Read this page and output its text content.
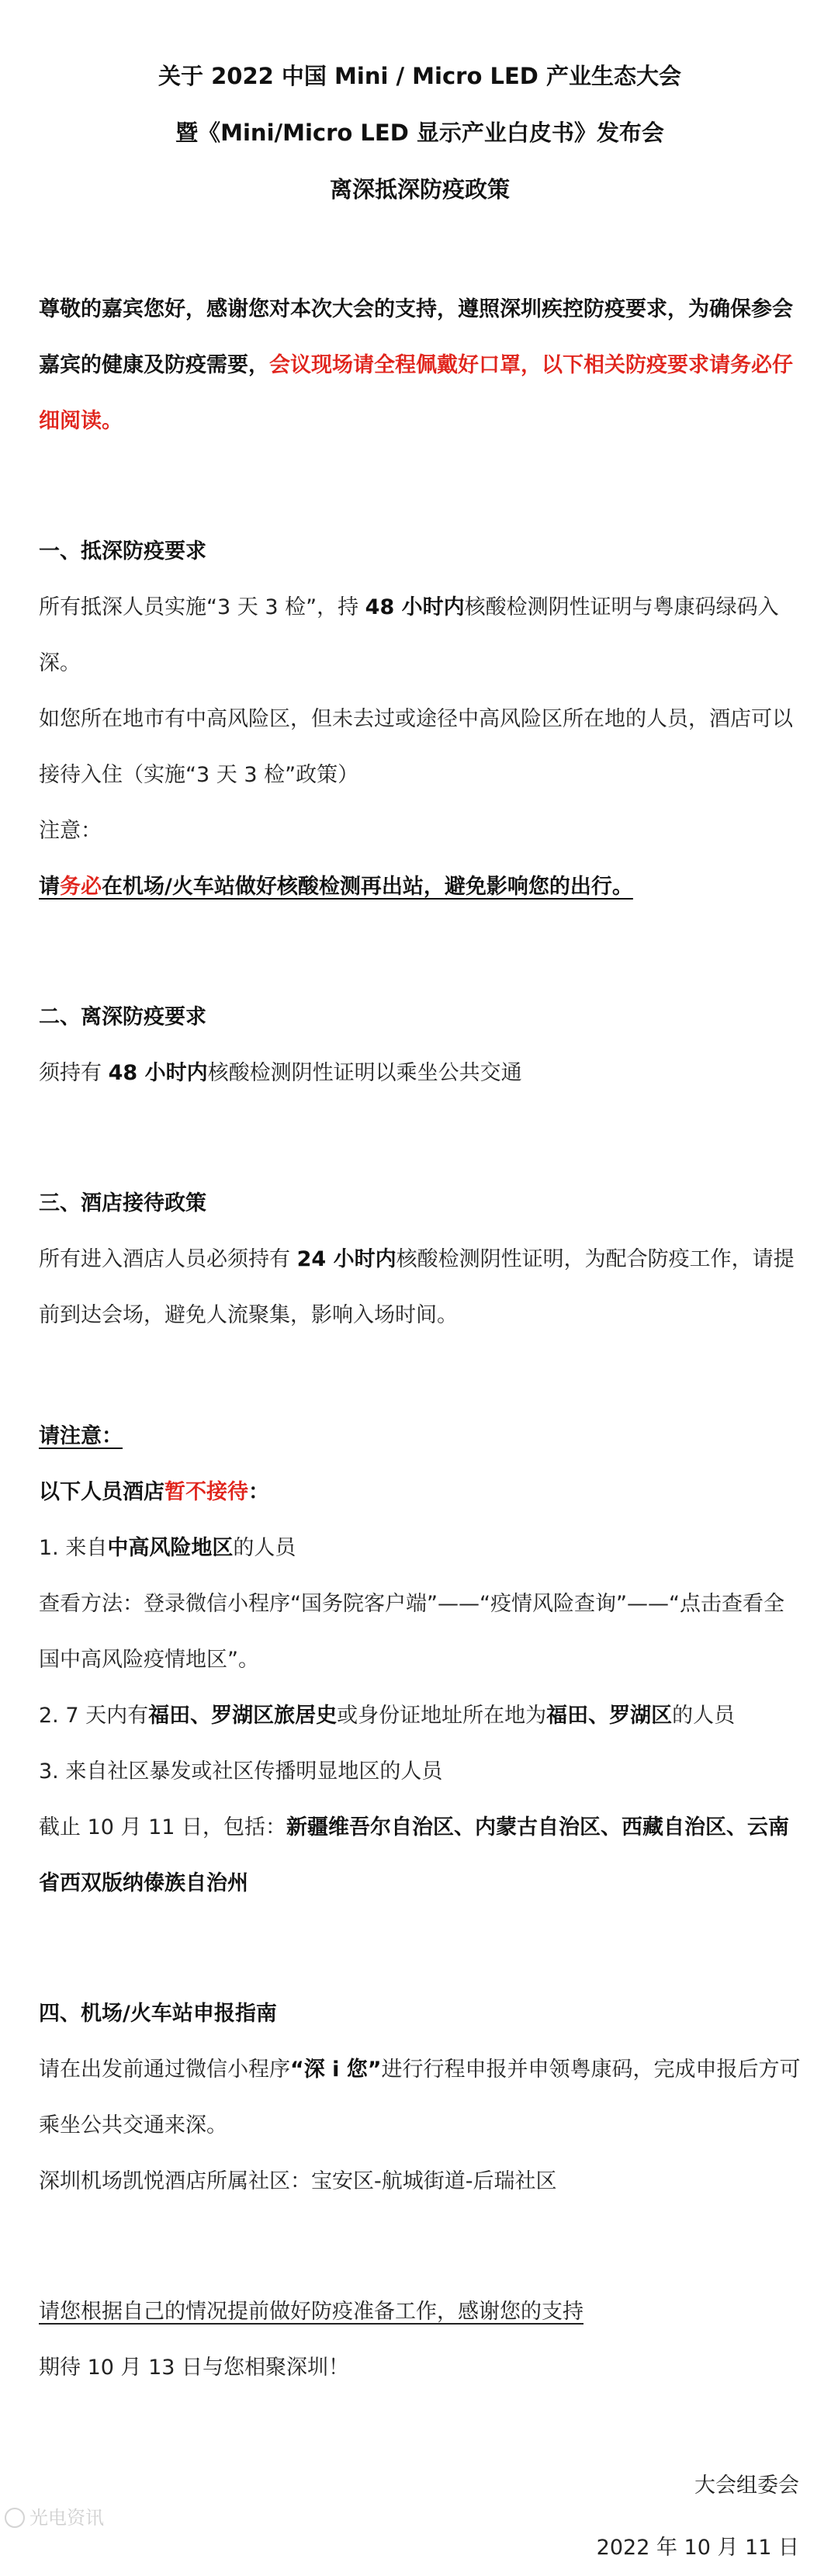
关于 2022 中国 Mini / Micro LED 产业生态大会

暨《Mini/Micro LED 显示产业白皮书》发布会

离深抵深防疫政策

尊敬的嘉宾您好，感谢您对本次大会的支持，遵照深圳疾控防疫要求，为确保参会嘉宾的健康及防疫需要，会议现场请全程佩戴好口罩，以下相关防疫要求请务必仔细阅读。
一、抵深防疫要求
所有抵深人员实施“3 天 3 检”，持 48 小时内核酸检测阴性证明与粤康码绿码入深。
如您所在地市有中高风险区，但未去过或途径中高风险区所在地的人员，酒店可以接待入住（实施“3 天 3 检”政策）
注意：
请务必在机场/火车站做好核酸检测再出站，避免影响您的出行。
二、离深防疫要求
须持有 48 小时内核酸检测阴性证明以乘坐公共交通
三、酒店接待政策
所有进入酒店人员必须持有 24 小时内核酸检测阴性证明，为配合防疫工作，请提前到达会场，避免人流聚集，影响入场时间。
请注意：
以下人员酒店暂不接待：
1. 来自中高风险地区的人员
查看方法：登录微信小程序“国务院客户端”——“疫情风险查询”——“点击查看全国中高风险疫情地区”。
2. 7 天内有福田、罗湖区旅居史或身份证地址所在地为福田、罗湖区的人员
3. 来自社区暴发或社区传播明显地区的人员
截止 10 月 11 日，包括：新疆维吾尔自治区、内蒙古自治区、西藏自治区、云南省西双版纳傣族自治州
四、机场/火车站申报指南
请在出发前通过微信小程序“深 i 您”进行行程申报并申领粤康码，完成申报后方可乘坐公共交通来深。
深圳机场凯悦酒店所属社区：宝安区-航城街道-后瑞社区
请您根据自己的情况提前做好防疫准备工作，感谢您的支持
期待 10 月 13 日与您相聚深圳！
大会组委会
2022 年 10 月 11 日
光电资讯
